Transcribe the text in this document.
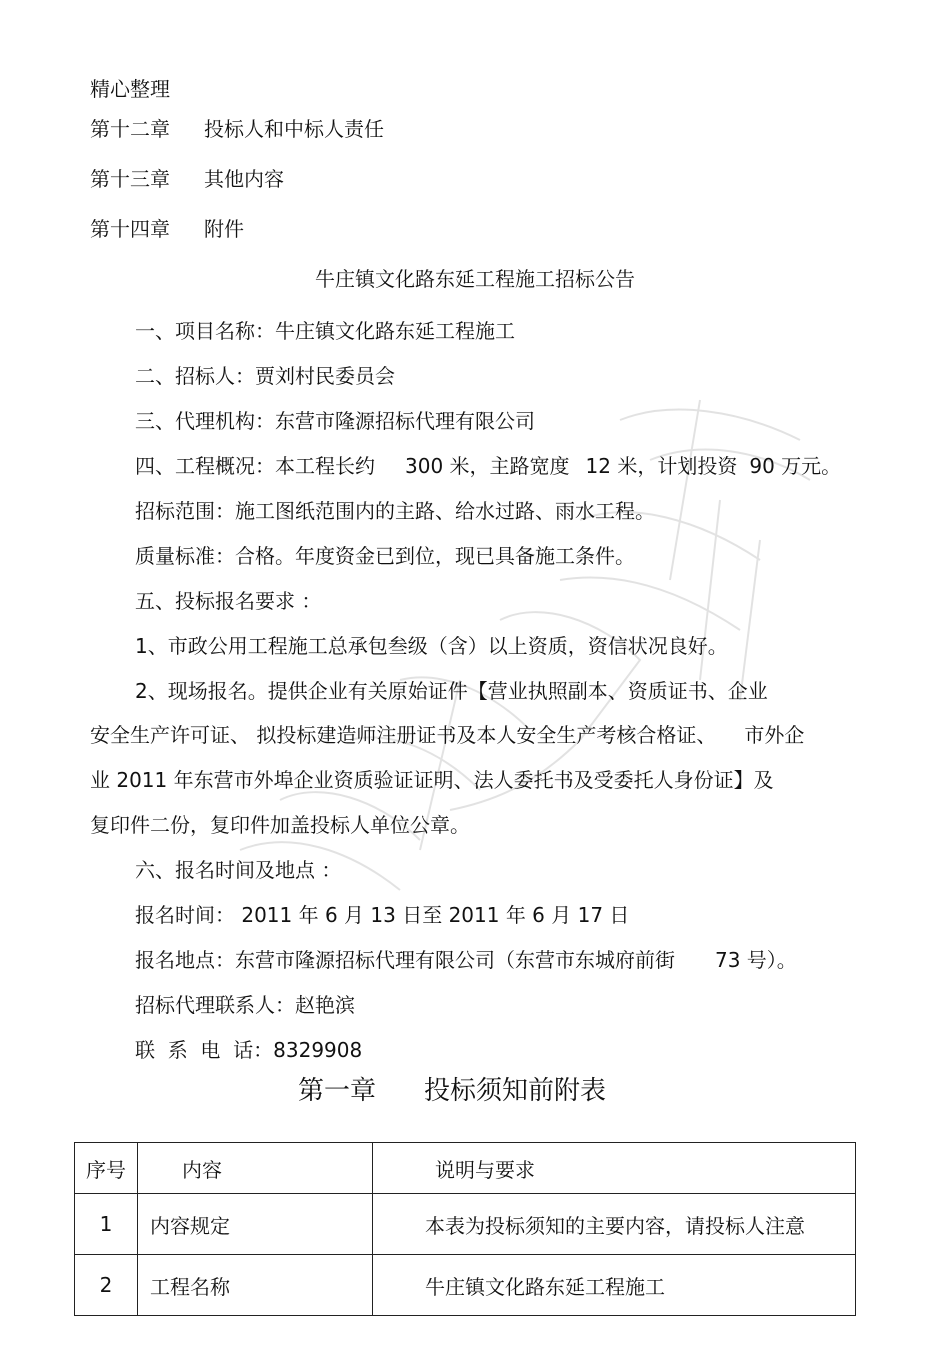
精心整理
第十二章 投标人和中标人责任
第十三章 其他内容
第十四章 附件
牛庄镇文化路东延工程施工招标公告
一、项目名称：牛庄镇文化路东延工程施工
二、招标人：贾刘村民委员会
三、代理机构：东营市隆源招标代理有限公司
四、工程概况：本工程长约 300 米，主路宽度 12 米，计划投资 90 万元。
招标范围：施工图纸范围内的主路、给水过路、雨水工程。
质量标准：合格。年度资金已到位，现已具备施工条件。
五、投标报名要求 ：
1、市政公用工程施工总承包叁级（含）以上资质，资信状况良好。
2、现场报名。提供企业有关原始证件【营业执照副本、资质证书、企业
安全生产许可证、 拟投标建造师注册证书及本人安全生产考核合格证、 市外企
业 2011 年东营市外埠企业资质验证证明、法人委托书及受委托人身份证】及
复印件二份，复印件加盖投标人单位公章。
六、报名时间及地点 ：
报名时间： 2011 年 6 月 13 日至 2011 年 6 月 17 日
报名地点：东营市隆源招标代理有限公司（东营市东城府前街 73 号）。
招标代理联系人：赵艳滨
联  系  电  话：8329908
第一章 投标须知前附表
序号	内容	说明与要求
1	内容规定	本表为投标须知的主要内容，请投标人注意
2	工程名称	牛庄镇文化路东延工程施工
